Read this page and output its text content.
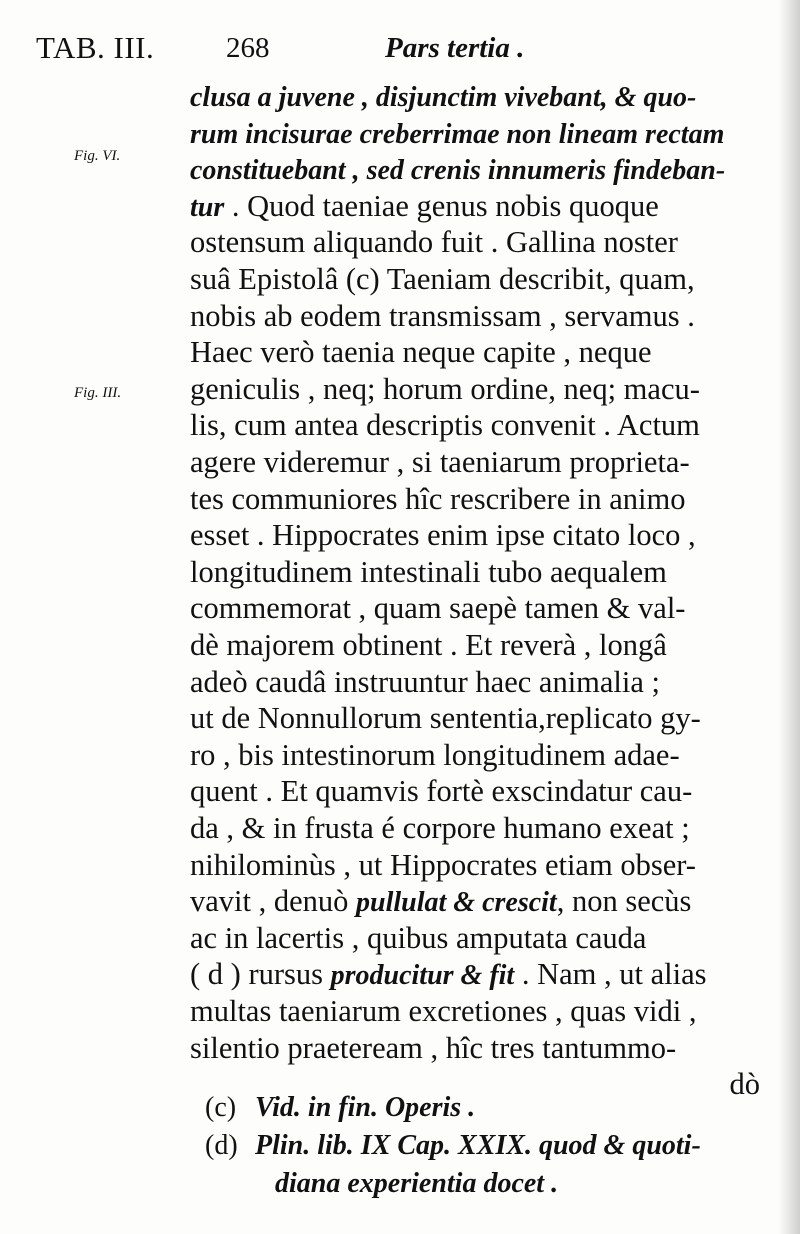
TAB. III. 268	Pars tertia .
Fig. VI.
Fig. III.
clusa a juvene , disjunctim vivebant, & quo-
rum incisurae creberrimae non lineam rectam
constituebant , sed crenis innumeris findeban-
tur . Quod taeniae genus nobis quoque
ostensum aliquando fuit . Gallina noster
suâ Epistolâ (c) Taeniam describit, quam,
nobis ab eodem transmissam , servamus .
Haec verò taenia neque capite , neque
geniculis , neq; horum ordine, neq; macu-
lis, cum antea descriptis convenit . Actum
agere videremur , si taeniarum proprieta-
tes communiores hîc rescribere in animo
esset . Hippocrates enim ipse citato loco ,
longitudinem intestinali tubo aequalem
commemorat , quam saepè tamen & val-
dè majorem obtinent . Et reverà , longâ
adeò caudâ instruuntur haec animalia ;
ut de Nonnullorum sententia,replicato gy-
ro , bis intestinorum longitudinem adae-
quent . Et quamvis fortè exscindatur cau-
da , & in frusta é corpore humano exeat ;
nihilominùs , ut Hippocrates etiam obser-
vavit , denuò pullulat & crescit, non secùs
ac in lacertis , quibus amputata cauda
( d ) rursus producitur & fit . Nam , ut alias
multas taeniarum excretiones , quas vidi ,
silentio praeteream , hîc tres tantummo-
dò
(c) Vid. in fin. Operis .
(d) Plin. lib. IX Cap. XXIX. quod & quoti-
diana experientia docet .
